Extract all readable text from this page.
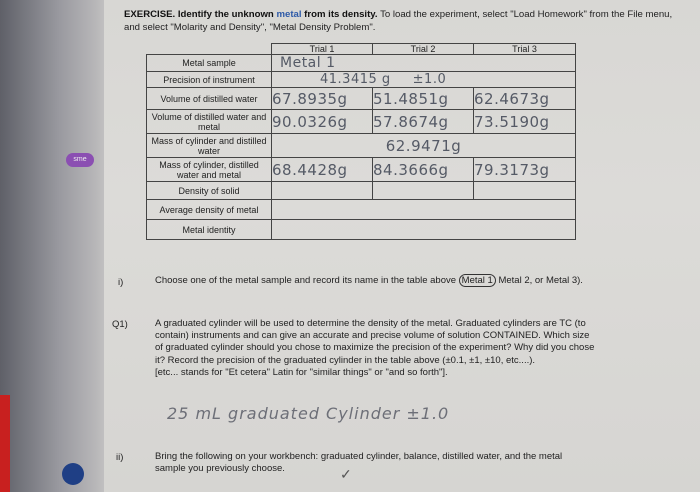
sme
EXERCISE. Identify the unknown metal from its density. To load the experiment, select "Load Homework" from the File menu, and select "Molarity and Density", "Metal Density Problem".
	Trial 1	Trial 2	Trial 3
Metal sample	Metal 1		
Precision of instrument	41.3415 g ±1.0		
Volume of distilled water	67.8935g	51.4851g	62.4673g
Volume of distilled water and metal	90.0326g	57.8674g	73.5190g
Mass of cylinder and distilled water	62.9471g		
Mass of cylinder, distilled water and metal	68.4428g	84.3666g	79.3173g
Density of solid			
Average density of metal			
Metal identity			
i)	Choose one of the metal sample and record its name in the table above Metal 1 Metal 2, or Metal 3).
Q1)	A graduated cylinder will be used to determine the density of the metal. Graduated cylinders are TC (to contain) instruments and can give an accurate and precise volume of solution CONTAINED. Which size of graduated cylinder should you chose to maximize the precision of the experiment? Why did you chose it? Record the precision of the graduated cylinder in the table above (±0.1, ±1, ±10, etc....).
[etc... stands for "Et cetera" Latin for "similar things" or "and so forth"].
25 mL graduated Cylinder ±1.0
ii)	Bring the following on your workbench: graduated cylinder, balance, distilled water, and the metal sample you previously choose.	✓
